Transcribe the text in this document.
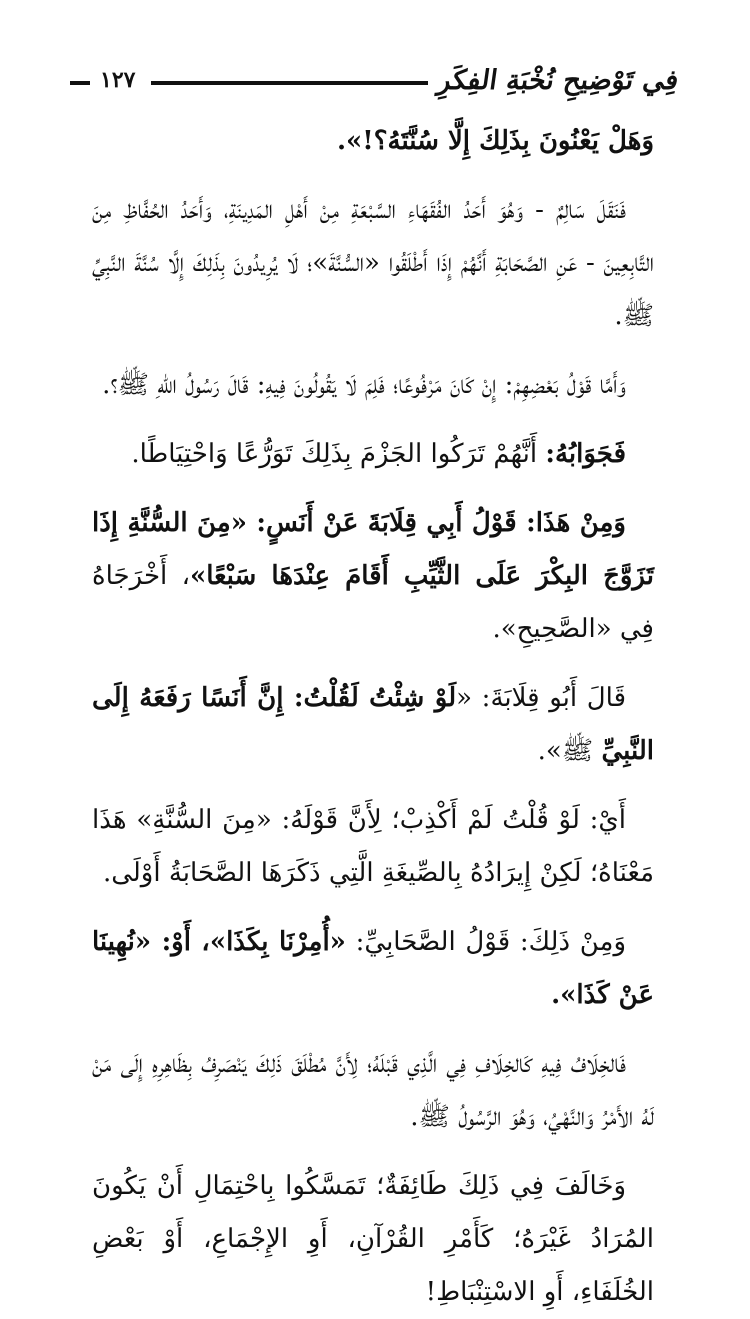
فِي تَوْضِيحِ نُخْبَةِ الفِكَرِ
١٢٧

وَهَلْ يَعْنُونَ بِذَلِكَ إِلَّا سُنَّتَهُ؟!».

فَنَقَلَ سَالِمٌ - وَهُوَ أَحَدُ الفُقَهَاءِ السَّبْعَةِ مِنْ أَهْلِ المَدِينَةِ، وَأَحَدُ الحُفَّاظِ مِنَ التَّابِعِينَ - عَنِ الصَّحَابَةِ أَنَّهُمْ إِذَا أَطْلَقُوا «السُّنَّةَ»؛ لَا يُرِيدُونَ بِذَلِكَ إِلَّا سُنَّةَ النَّبِيِّ ﷺ.

وَأَمَّا قَوْلُ بَعْضِهِمْ: إِنْ كَانَ مَرْفُوعًا؛ فَلِمَ لَا يَقُولُونَ فِيهِ: قَالَ رَسُولُ اللهِ ﷺ؟.

فَجَوَابُهُ: أَنَّهُمْ تَرَكُوا الجَزْمَ بِذَلِكَ تَوَرُّعًا وَاحْتِيَاطًا.

وَمِنْ هَذَا: قَوْلُ أَبِي قِلَابَةَ عَنْ أَنَسٍ: «مِنَ السُّنَّةِ إِذَا تَزَوَّجَ البِكْرَ عَلَى الثَّيِّبِ أَقَامَ عِنْدَهَا سَبْعًا»، أَخْرَجَاهُ فِي «الصَّحِيحِ».

قَالَ أَبُو قِلَابَةَ: «لَوْ شِئْتُ لَقُلْتُ: إِنَّ أَنَسًا رَفَعَهُ إِلَى النَّبِيِّ ﷺ».

أَيْ: لَوْ قُلْتُ لَمْ أَكْذِبْ؛ لِأَنَّ قَوْلَهُ: «مِنَ السُّنَّةِ» هَذَا مَعْنَاهُ؛ لَكِنْ إِيرَادُهُ بِالصِّيغَةِ الَّتِي ذَكَرَهَا الصَّحَابَةُ أَوْلَى.

وَمِنْ ذَلِكَ: قَوْلُ الصَّحَابِيِّ: «أُمِرْنَا بِكَذَا»، أَوْ: «نُهِينَا عَنْ كَذَا».

فَالخِلَافُ فِيهِ كَالخِلَافِ فِي الَّذِي قَبْلَهُ؛ لِأَنَّ مُطْلَقَ ذَلِكَ يَنْصَرِفُ بِظَاهِرِهِ إِلَى مَنْ لَهُ الأَمْرُ وَالنَّهْيُ، وَهُوَ الرَّسُولُ ﷺ.

وَخَالَفَ فِي ذَلِكَ طَائِفَةٌ؛ تَمَسَّكُوا بِاحْتِمَالِ أَنْ يَكُونَ المُرَادُ غَيْرَهُ؛ كَأَمْرِ القُرْآنِ، أَوِ الإِجْمَاعِ، أَوْ بَعْضِ الخُلَفَاءِ، أَوِ الاسْتِنْبَاطِ!
